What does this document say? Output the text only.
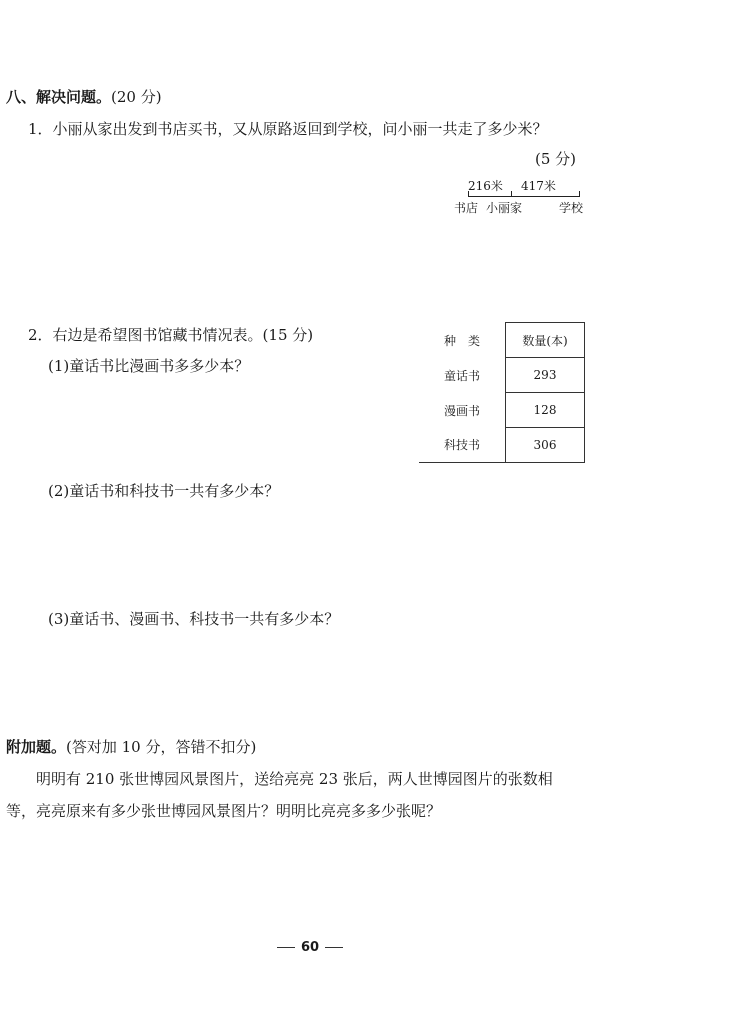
八、解决问题。(20 分)
1．小丽从家出发到书店买书，又从原路返回到学校，问小丽一共走了多少米？
(5 分)
216米 417米
书店 小丽家	学校
2．右边是希望图书馆藏书情况表。(15 分)
(1)童话书比漫画书多多少本？
种　类	数量(本)
童话书	293
漫画书	128
科技书	306
(2)童话书和科技书一共有多少本？
(3)童话书、漫画书、科技书一共有多少本？
附加题。(答对加 10 分，答错不扣分)
明明有 210 张世博园风景图片，送给亮亮 23 张后，两人世博园图片的张数相
等，亮亮原来有多少张世博园风景图片？明明比亮亮多多少张呢？
60
